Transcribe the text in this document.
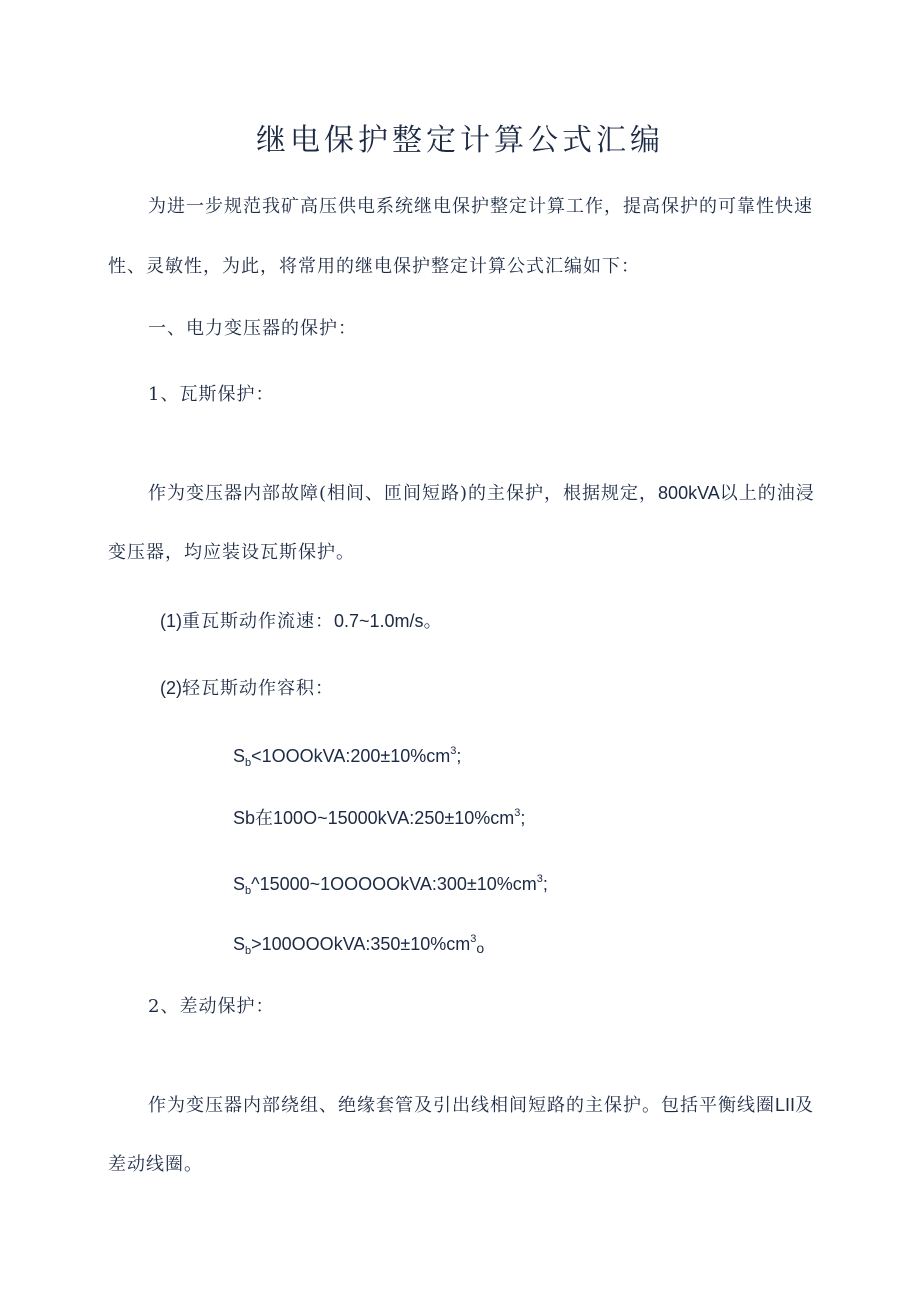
继电保护整定计算公式汇编
为进一步规范我矿高压供电系统继电保护整定计算工作，提高保护的可靠性快速
性、灵敏性，为此，将常用的继电保护整定计算公式汇编如下：
一、电力变压器的保护：
1、瓦斯保护：
作为变压器内部故障(相间、匝间短路)的主保护，根据规定，800kVA以上的油浸
变压器，均应装设瓦斯保护。
(1)重瓦斯动作流速：0.7~1.0m/s。
(2)轻瓦斯动作容积：
$S_b<1OOOkVA:200\pm 10\%cm^3$;
Sb在$100O\sim 15000kVA:250\pm 10\%cm^3$;
$S_b\^{}15000\sim 1OOOOOkVA:300\pm 10\%cm^3$;
$S_b>100OOOkVA:350\pm 10\%cm^3_o$
2、差动保护：
作为变压器内部绕组、绝缘套管及引出线相间短路的主保护。包括平衡线圈LII及
差动线圈。
